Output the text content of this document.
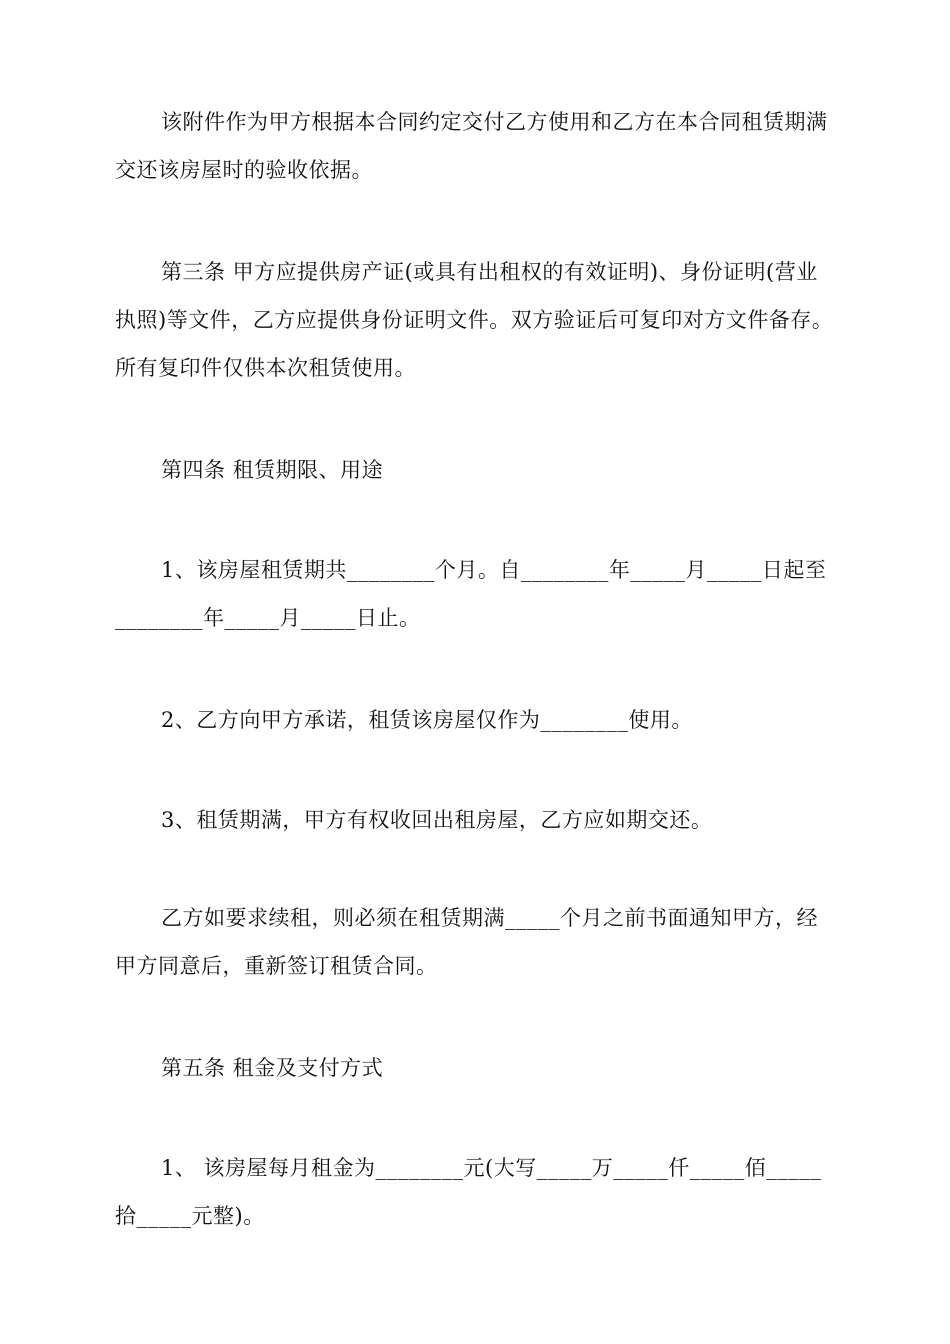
该附件作为甲方根据本合同约定交付乙方使用和乙方在本合同租赁期满交还该房屋时的验收依据。

第三条 甲方应提供房产证(或具有出租权的有效证明)、身份证明(营业执照)等文件，乙方应提供身份证明文件。双方验证后可复印对方文件备存。所有复印件仅供本次租赁使用。

第四条 租赁期限、用途

1、该房屋租赁期共________个月。自________年_____月_____日起至________年_____月_____日止。

2、乙方向甲方承诺，租赁该房屋仅作为________使用。

3、租赁期满，甲方有权收回出租房屋，乙方应如期交还。

乙方如要求续租，则必须在租赁期满_____个月之前书面通知甲方，经甲方同意后，重新签订租赁合同。

第五条 租金及支付方式

1、 该房屋每月租金为________元(大写_____万_____仟_____佰_____拾_____元整)。
